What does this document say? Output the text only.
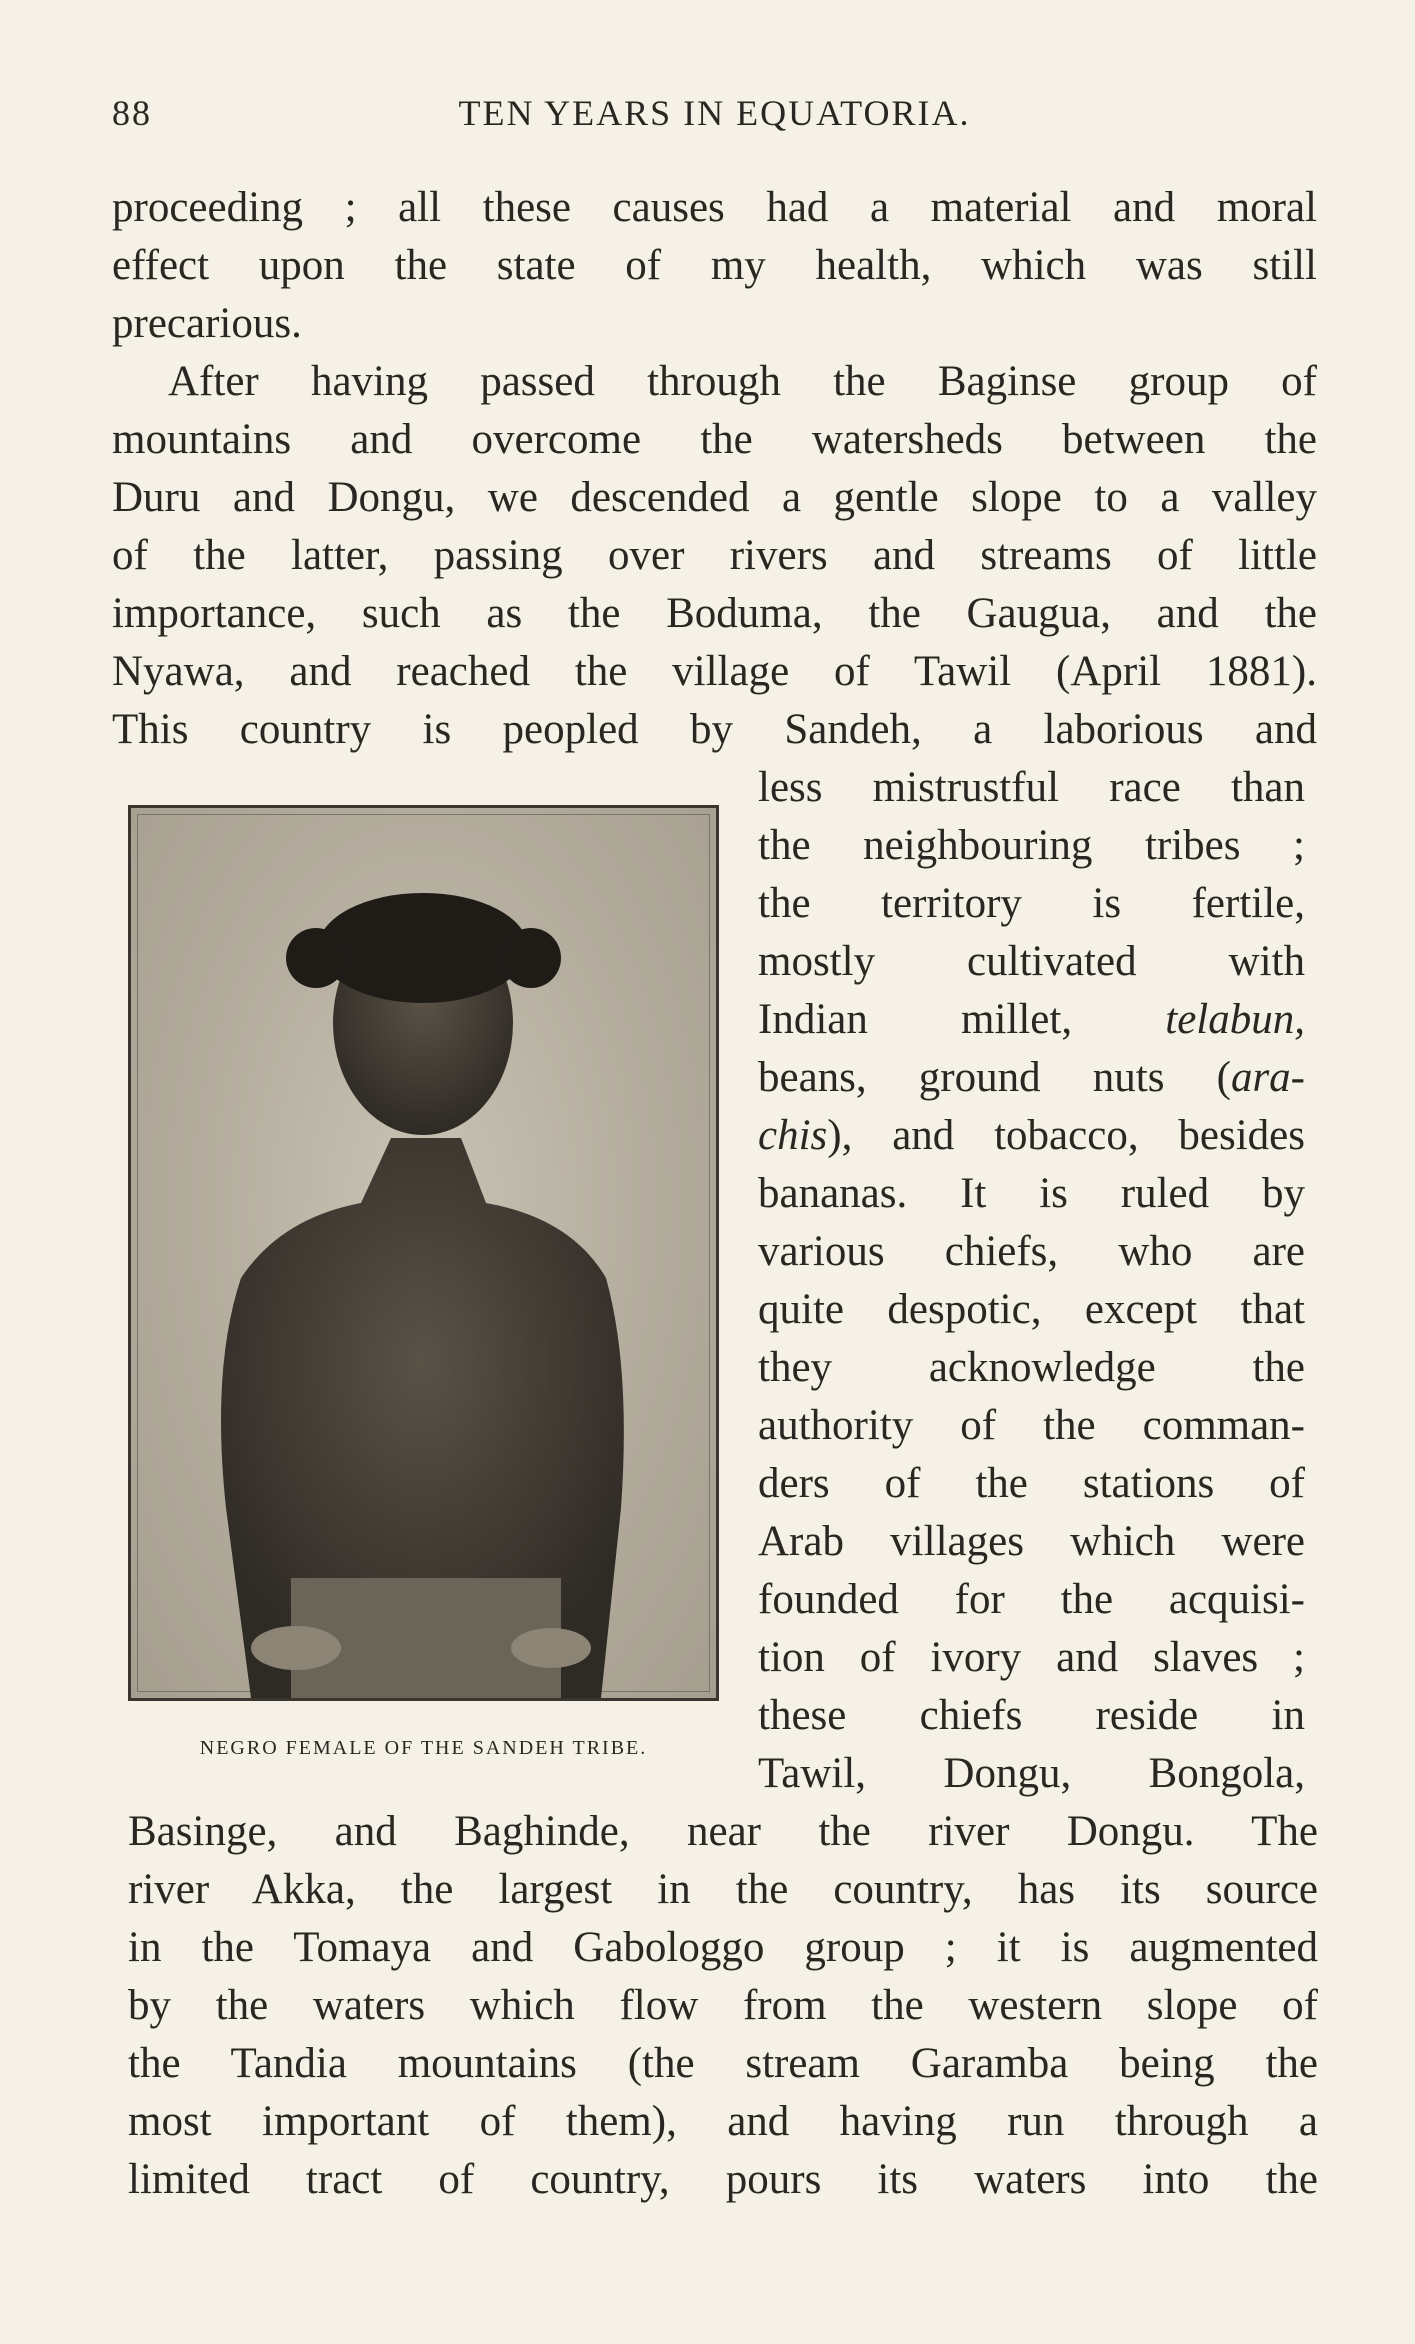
88	TEN YEARS IN EQUATORIA.
proceeding ; all these causes had a material and moral
effect upon the state of my health, which was still
precarious.
After having passed through the Baginse group of
mountains and overcome the watersheds between the
Duru and Dongu, we descended a gentle slope to a valley
of the latter, passing over rivers and streams of little
importance, such as the Boduma, the Gaugua, and the
Nyawa, and reached the village of Tawil (April 1881).
This country is peopled by Sandeh, a laborious and
NEGRO FEMALE OF THE SANDEH TRIBE.
less mistrustful race than
the neighbouring tribes ;
the territory is fertile,
mostly cultivated with
Indian millet, telabun,
beans, ground nuts (ara-
chis), and tobacco, besides
bananas. It is ruled by
various chiefs, who are
quite despotic, except that
they acknowledge the
authority of the comman-
ders of the stations of
Arab villages which were
founded for the acquisi-
tion of ivory and slaves ;
these chiefs reside in
Tawil, Dongu, Bongola,
Basinge, and Baghinde, near the river Dongu. The
river Akka, the largest in the country, has its source
in the Tomaya and Gabologgo group ; it is augmented
by the waters which flow from the western slope of
the Tandia mountains (the stream Garamba being the
most important of them), and having run through a
limited tract of country, pours its waters into the
